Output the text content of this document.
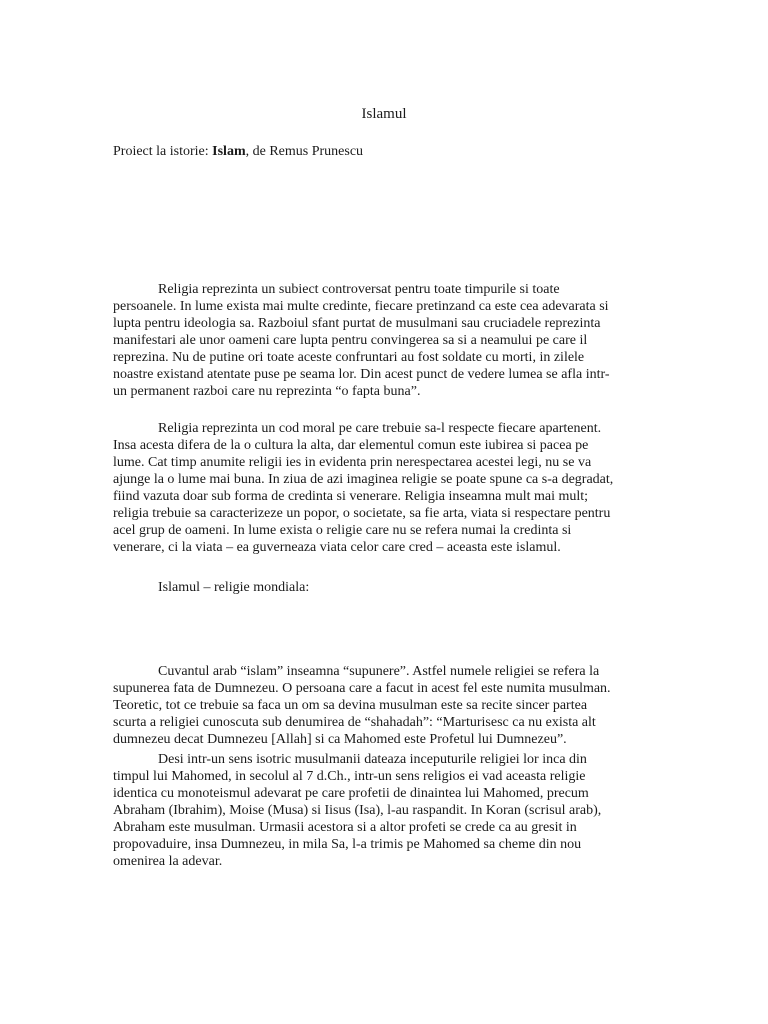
Islamul
Proiect la istorie: Islam, de Remus Prunescu
Religia reprezinta un subiect controversat pentru toate timpurile si toate
persoanele. In lume exista mai multe credinte, fiecare pretinzand ca este cea adevarata si
lupta pentru ideologia sa. Razboiul sfant purtat de musulmani sau cruciadele reprezinta
manifestari ale unor oameni care lupta pentru convingerea sa si a neamului pe care il
reprezina. Nu de putine ori toate aceste confruntari au fost soldate cu morti, in zilele
noastre existand atentate puse pe seama lor. Din acest punct de vedere lumea se afla intr-
un permanent razboi care nu reprezinta “o fapta buna”.
Religia reprezinta un cod moral pe care trebuie sa-l respecte fiecare apartenent.
Insa acesta difera de la o cultura la alta, dar elementul comun este iubirea si pacea pe
lume. Cat timp anumite religii ies in evidenta prin nerespectarea acestei legi, nu se va
ajunge la o lume mai buna. In ziua de azi imaginea religie se poate spune ca s-a degradat,
fiind vazuta doar sub forma de credinta si venerare. Religia inseamna mult mai mult;
religia trebuie sa caracterizeze un popor, o societate, sa fie arta, viata si respectare pentru
acel grup de oameni. In lume exista o religie care nu se refera numai la credinta si
venerare, ci la viata – ea guverneaza viata celor care cred – aceasta este islamul.
Islamul – religie mondiala:
Cuvantul arab “islam” inseamna “supunere”. Astfel numele religiei se refera la
supunerea fata de Dumnezeu. O persoana care a facut in acest fel este numita musulman.
Teoretic, tot ce trebuie sa faca un om sa devina musulman este sa recite sincer partea
scurta a religiei cunoscuta sub denumirea de “shahadah”: “Marturisesc ca nu exista alt
dumnezeu decat Dumnezeu [Allah] si ca Mahomed este Profetul lui Dumnezeu”.
Desi intr-un sens isotric musulmanii dateaza inceputurile religiei lor inca din
timpul lui Mahomed, in secolul al 7 d.Ch., intr-un sens religios ei vad aceasta religie
identica cu monoteismul adevarat pe care profetii de dinaintea lui Mahomed, precum
Abraham (Ibrahim), Moise (Musa) si Iisus (Isa), l-au raspandit. In Koran (scrisul arab),
Abraham este musulman. Urmasii acestora si a altor profeti se crede ca au gresit in
propovaduire, insa Dumnezeu, in mila Sa, l-a trimis pe Mahomed sa cheme din nou
omenirea la adevar.
